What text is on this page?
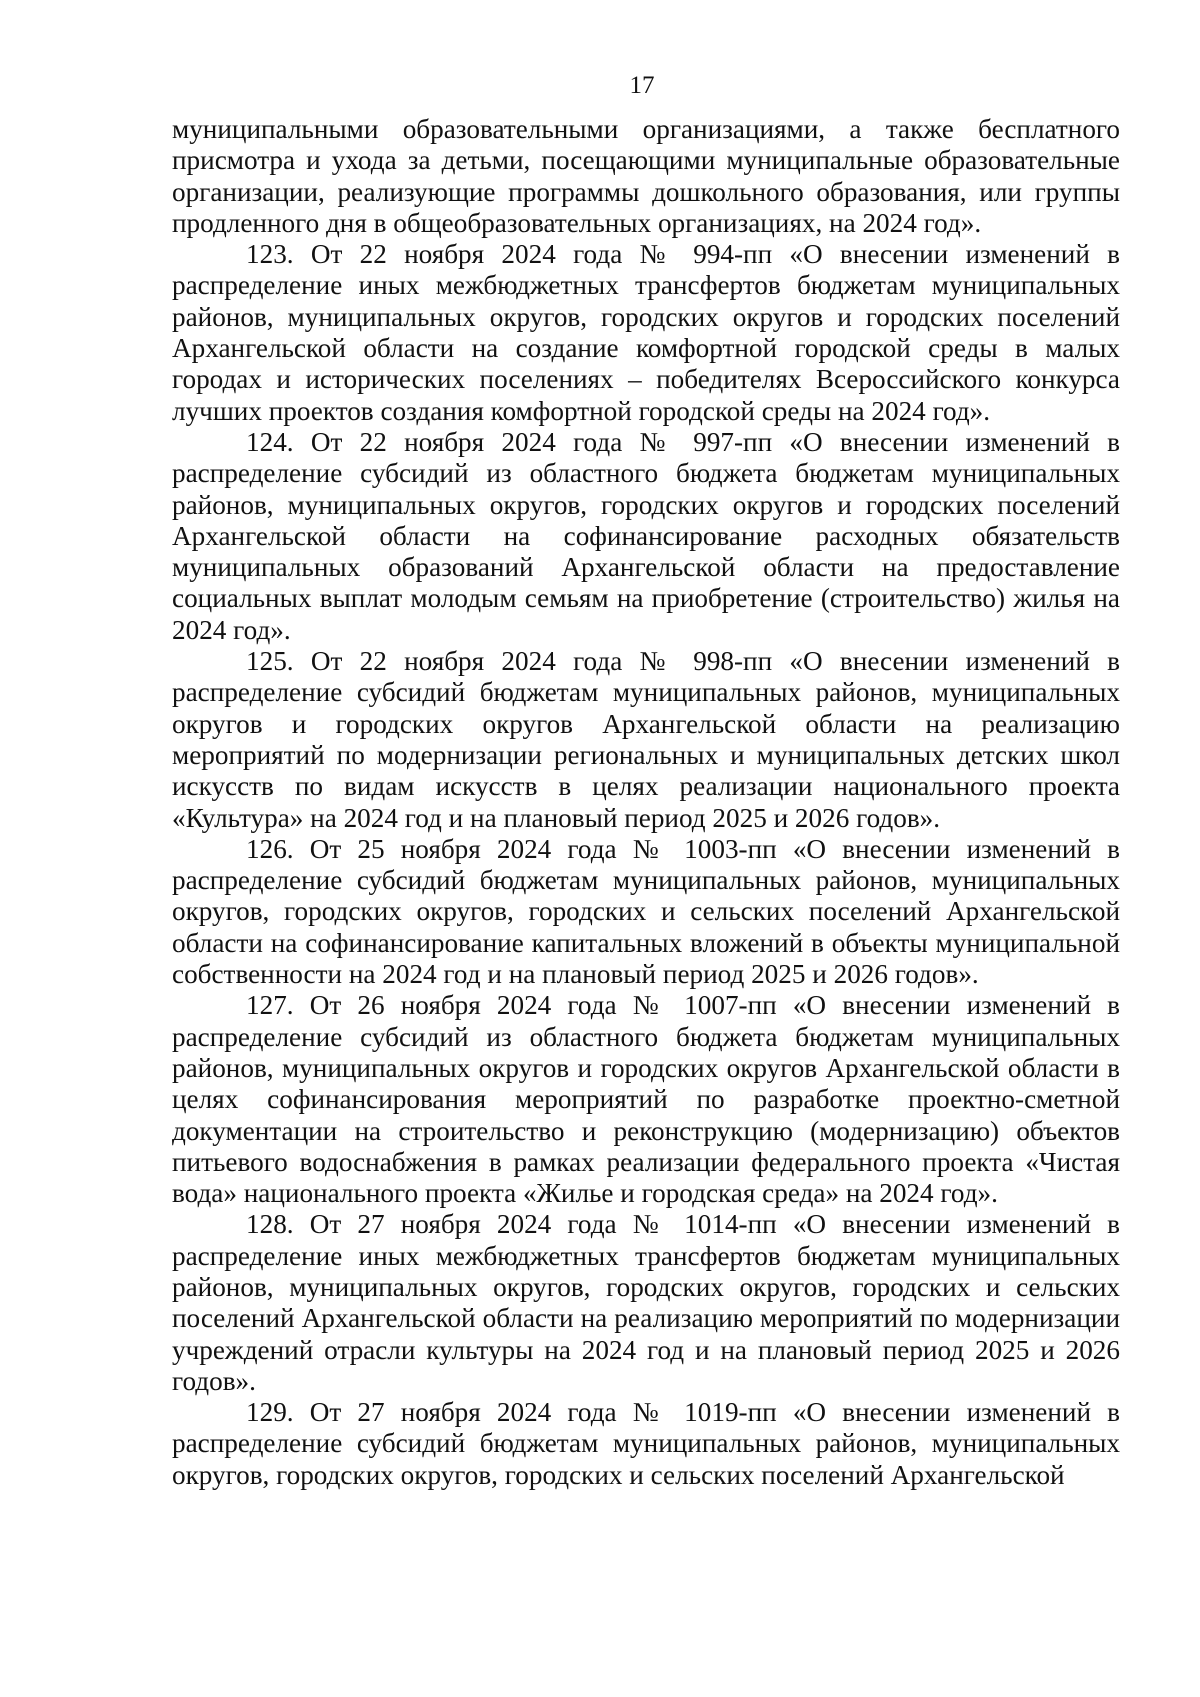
17

муниципальными образовательными организациями, а также бесплатного присмотра и ухода за детьми, посещающими муниципальные образовательные организации, реализующие программы дошкольного образования, или группы продленного дня в общеобразовательных организациях, на 2024 год».

123. От 22 ноября 2024 года № 994-пп «О внесении изменений в распределение иных межбюджетных трансфертов бюджетам муниципальных районов, муниципальных округов, городских округов и городских поселений Архангельской области на создание комфортной городской среды в малых городах и исторических поселениях – победителях Всероссийского конкурса лучших проектов создания комфортной городской среды на 2024 год».

124. От 22 ноября 2024 года № 997-пп «О внесении изменений в распределение субсидий из областного бюджета бюджетам муниципальных районов, муниципальных округов, городских округов и городских поселений Архангельской области на софинансирование расходных обязательств муниципальных образований Архангельской области на предоставление социальных выплат молодым семьям на приобретение (строительство) жилья на 2024 год».

125. От 22 ноября 2024 года № 998-пп «О внесении изменений в распределение субсидий бюджетам муниципальных районов, муниципальных округов и городских округов Архангельской области на реализацию мероприятий по модернизации региональных и муниципальных детских школ искусств по видам искусств в целях реализации национального проекта «Культура» на 2024 год и на плановый период 2025 и 2026 годов».

126. От 25 ноября 2024 года № 1003-пп «О внесении изменений в распределение субсидий бюджетам муниципальных районов, муниципальных округов, городских округов, городских и сельских поселений Архангельской области на софинансирование капитальных вложений в объекты муниципальной собственности на 2024 год и на плановый период 2025 и 2026 годов».

127. От 26 ноября 2024 года № 1007-пп «О внесении изменений в распределение субсидий из областного бюджета бюджетам муниципальных районов, муниципальных округов и городских округов Архангельской области в целях софинансирования мероприятий по разработке проектно-сметной документации на строительство и реконструкцию (модернизацию) объектов питьевого водоснабжения в рамках реализации федерального проекта «Чистая вода» национального проекта «Жилье и городская среда» на 2024 год».

128. От 27 ноября 2024 года № 1014-пп «О внесении изменений в распределение иных межбюджетных трансфертов бюджетам муниципальных районов, муниципальных округов, городских округов, городских и сельских поселений Архангельской области на реализацию мероприятий по модернизации учреждений отрасли культуры на 2024 год и на плановый период 2025 и 2026 годов».

129. От 27 ноября 2024 года № 1019-пп «О внесении изменений в распределение субсидий бюджетам муниципальных районов, муниципальных округов, городских округов, городских и сельских поселений Архангельской
